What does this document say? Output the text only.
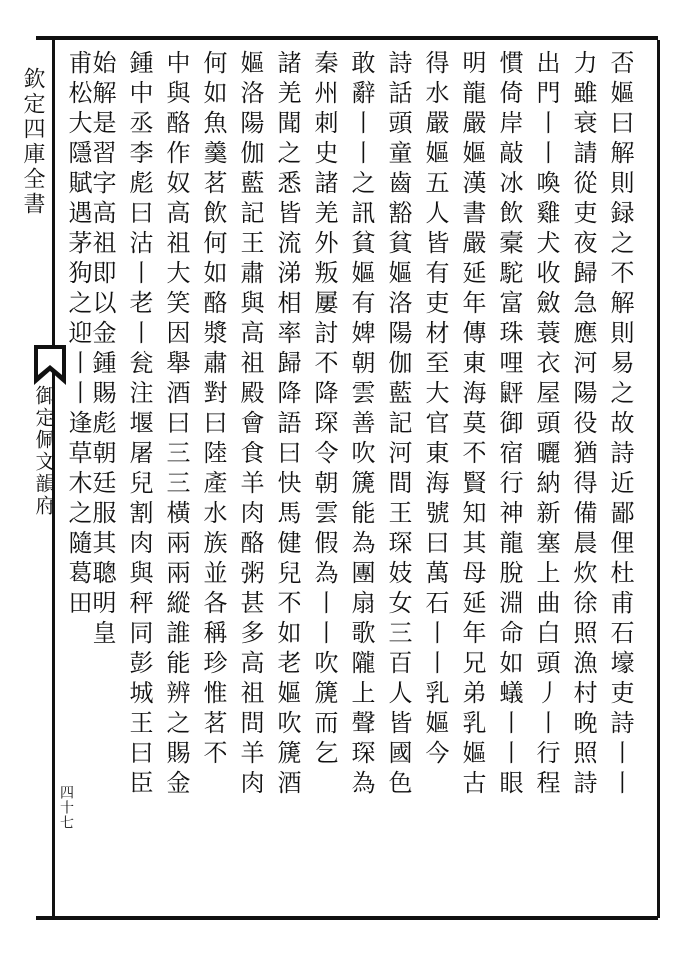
欽定四庫全書
御定佩文韻府
四十七
否嫗曰解則録之不解則易之故詩近鄙俚杜甫石壕吏詩丨丨
力雖衰請從吏夜歸急應河陽役猶得備晨炊徐照漁村晚照詩
出門丨丨喚雞犬收斂蓑衣屋頭曬納新塞上曲白頭丿丨行程
慣倚岸敲冰飲槖駝富珠哩䶄御宿行神龍脫淵命如蟻丨丨眼
明龍嚴嫗漢書嚴延年傳東海莫不賢知其母延年兄弟乳嫗古
得水嚴嫗五人皆有吏材至大官東海號曰萬石丨丨乳嫗今
詩話頭童齒豁貧嫗洛陽伽藍記河間王琛妓女三百人皆國色
敢辭丨丨之訊貧嫗有婢朝雲善吹篪能為團扇歌隴上聲琛為
秦州刺史諸羌外叛屢討不降琛令朝雲假為丨丨吹篪而乞
諸羌聞之悉皆流涕相率歸降語曰快馬健兒不如老嫗吹篪酒
嫗洛陽伽藍記王肅與高祖殿會食羊肉酪粥甚多高祖問羊肉
何如魚羹茗飲何如酪漿肅對曰陸產水族並各稱珍惟茗不
中與酪作奴高祖大笑因舉酒曰三三橫兩兩縱誰能辨之賜金
鍾中丞李彪曰沽丨老丨瓮注堰屠兒割肉與秤同彭城王曰臣
始解是習字高祖即以金鍾賜彪朝廷服其聰明皇
甫松大隱賦遇茅狗之迎丨丨逢草木之隨葛田
